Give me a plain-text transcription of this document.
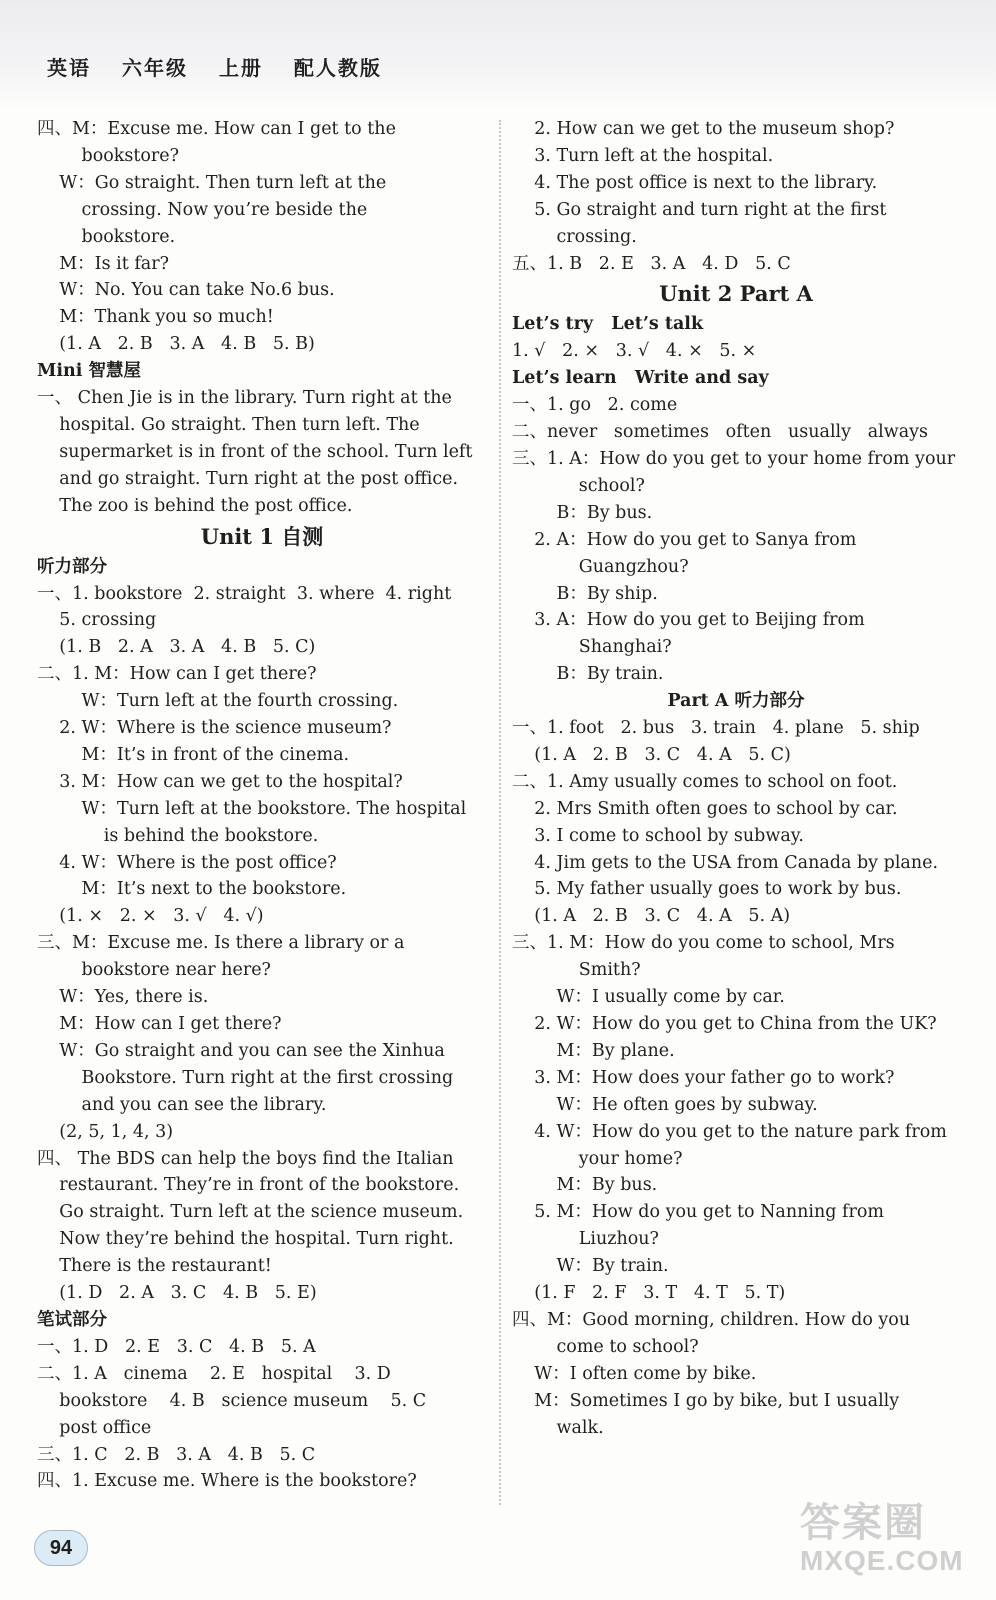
英语 六年级 上册 配人教版
四、M：Excuse me. How can I get to the
bookstore?
W：Go straight. Then turn left at the
crossing. Now you’re beside the
bookstore.
M：Is it far?
W：No. You can take No.6 bus.
M：Thank you so much!
(1. A   2. B   3. A   4. B   5. B)
Mini 智慧屋
一、 Chen Jie is in the library. Turn right at the
hospital. Go straight. Then turn left. The
supermarket is in front of the school. Turn left
and go straight. Turn right at the post office.
The zoo is behind the post office.
Unit 1 自测
听力部分
一、1. bookstore  2. straight  3. where  4. right
5. crossing
(1. B   2. A   3. A   4. B   5. C)
二、1. M：How can I get there?
W：Turn left at the fourth crossing.
2. W：Where is the science museum?
M：It’s in front of the cinema.
3. M：How can we get to the hospital?
W：Turn left at the bookstore. The hospital
is behind the bookstore.
4. W：Where is the post office?
M：It’s next to the bookstore.
(1. ×   2. ×   3. √   4. √)
三、M：Excuse me. Is there a library or a
bookstore near here?
W：Yes, there is.
M：How can I get there?
W：Go straight and you can see the Xinhua
Bookstore. Turn right at the first crossing
and you can see the library.
(2, 5, 1, 4, 3)
四、 The BDS can help the boys find the Italian
restaurant. They’re in front of the bookstore.
Go straight. Turn left at the science museum.
Now they’re behind the hospital. Turn right.
There is the restaurant!
(1. D   2. A   3. C   4. B   5. E)
笔试部分
一、1. D   2. E   3. C   4. B   5. A
二、1. A   cinema    2. E   hospital    3. D
bookstore    4. B   science museum    5. C
post office
三、1. C   2. B   3. A   4. B   5. C
四、1. Excuse me. Where is the bookstore?
2. How can we get to the museum shop?
3. Turn left at the hospital.
4. The post office is next to the library.
5. Go straight and turn right at the first
crossing.
五、1. B   2. E   3. A   4. D   5. C
Unit 2 Part A
Let’s try   Let’s talk
1. √   2. ×   3. √   4. ×   5. ×
Let’s learn   Write and say
一、1. go   2. come
二、never   sometimes   often   usually   always
三、1. A：How do you get to your home from your
school?
B：By bus.
2. A：How do you get to Sanya from
Guangzhou?
B：By ship.
3. A：How do you get to Beijing from
Shanghai?
B：By train.
Part A 听力部分
一、1. foot   2. bus   3. train   4. plane   5. ship
(1. A   2. B   3. C   4. A   5. C)
二、1. Amy usually comes to school on foot.
2. Mrs Smith often goes to school by car.
3. I come to school by subway.
4. Jim gets to the USA from Canada by plane.
5. My father usually goes to work by bus.
(1. A   2. B   3. C   4. A   5. A)
三、1. M：How do you come to school, Mrs
Smith?
W：I usually come by car.
2. W：How do you get to China from the UK?
M：By plane.
3. M：How does your father go to work?
W：He often goes by subway.
4. W：How do you get to the nature park from
your home?
M：By bus.
5. M：How do you get to Nanning from
Liuzhou?
W：By train.
(1. F   2. F   3. T   4. T   5. T)
四、M：Good morning, children. How do you
come to school?
W：I often come by bike.
M：Sometimes I go by bike, but I usually
walk.
94
答案圈
MXQE.COM
